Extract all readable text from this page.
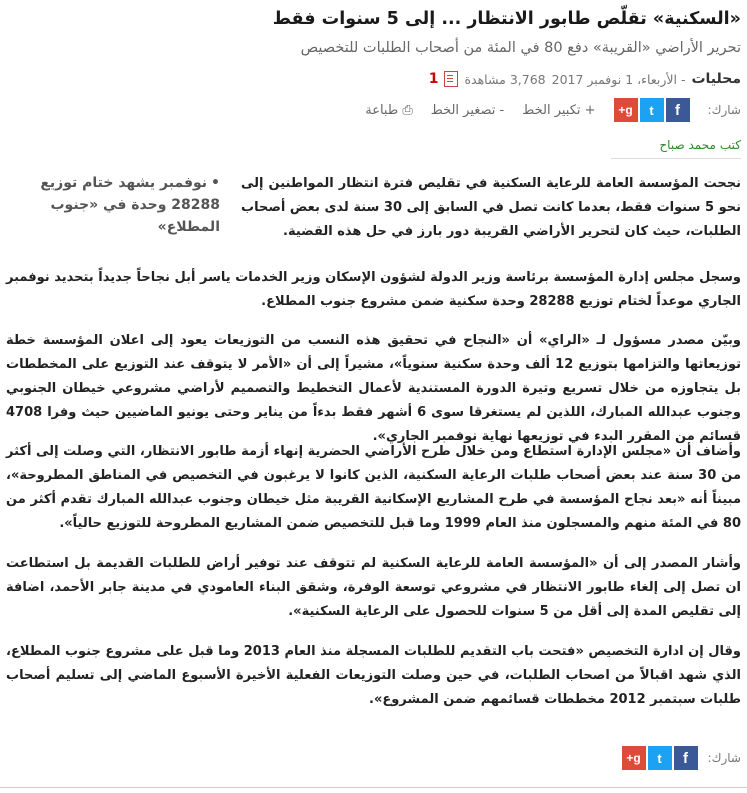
«السكنية» تقلّص طابور الانتظار ... إلى 5 سنوات فقط
تحرير الأراضي «القريبة» دفع 80 في المئة من أصحاب الطلبات للتخصيص
محليات
- الأربعاء، 1 نوفمبر 2017
3,768 مشاهدة
1
شارك:
f
t
g+
+ تكبير الخط
- تصغير الخط
⎙ طباعة
كتب
محمد صباح
نجحت المؤسسة العامة للرعاية السكنية في تقليص فترة انتظار المواطنين إلى نحو 5 سنوات فقط، بعدما كانت تصل في السابق إلى 30 سنة لدى بعض أصحاب الطلبات، حيث كان لتحرير الأراضي القريبة دور بارز في حل هذه القضية.
•نوفمبر يشهد ختام توزيع 28288 وحدة في «جنوب المطلاع»
وسجل مجلس إدارة المؤسسة برئاسة وزير الدولة لشؤون الإسكان وزير الخدمات ياسر أبل نجاحاً جديداً بتحديد نوفمبر الجاري موعداً لختام توزيع 28288 وحدة سكنية ضمن مشروع جنوب المطلاع.
وبيّن مصدر مسؤول لـ «الراي» أن «النجاح في تحقيق هذه النسب من التوزيعات يعود إلى اعلان المؤسسة خطة توزيعاتها والتزامها بتوزيع 12 ألف وحدة سكنية سنوياً»، مشيراً إلى أن «الأمر لا يتوقف عند التوزيع على المخططات بل يتجاوزه من خلال تسريع وتيرة الدورة المستندية لأعمال التخطيط والتصميم لأراضي مشروعي خيطان الجنوبي وجنوب عبدالله المبارك، اللذين لم يستغرقا سوى 6 أشهر فقط بدءاً من يناير وحتى يونيو الماضيين حيث وفرا 4708 قسائم من المقرر البدء في توزيعها نهاية نوفمبر الجاري».
وأضاف أن «مجلس الإدارة استطاع ومن خلال طرح الأراضي الحضرية إنهاء أزمة طابور الانتظار، التي وصلت إلى أكثر من 30 سنة عند بعض أصحاب طلبات الرعاية السكنية، الذين كانوا لا يرغبون في التخصيص في المناطق المطروحة»، مبيناً أنه «بعد نجاح المؤسسة في طرح المشاريع الإسكانية القريبة مثل خيطان وجنوب عبدالله المبارك تقدم أكثر من 80 في المئة منهم والمسجلون منذ العام 1999 وما قبل للتخصيص ضمن المشاريع المطروحة للتوزيع حالياً».
وأشار المصدر إلى أن «المؤسسة العامة للرعاية السكنية لم تتوقف عند توفير أراض للطلبات القديمة بل استطاعت ان تصل إلى إلغاء طابور الانتظار في مشروعي توسعة الوفرة، وشقق البناء العامودي في مدينة جابر الأحمد، اضافة إلى تقليص المدة إلى أقل من 5 سنوات للحصول على الرعاية السكنية».
وقال إن ادارة التخصيص «فتحت باب التقديم للطلبات المسجلة منذ العام 2013 وما قبل على مشروع جنوب المطلاع، الذي شهد اقبالاً من اصحاب الطلبات، في حين وصلت التوزيعات الفعلية الأخيرة الأسبوع الماضي إلى تسليم أصحاب طلبات سبتمبر 2012 مخططات قسائمهم ضمن المشروع».
شارك:
f
t
g+
